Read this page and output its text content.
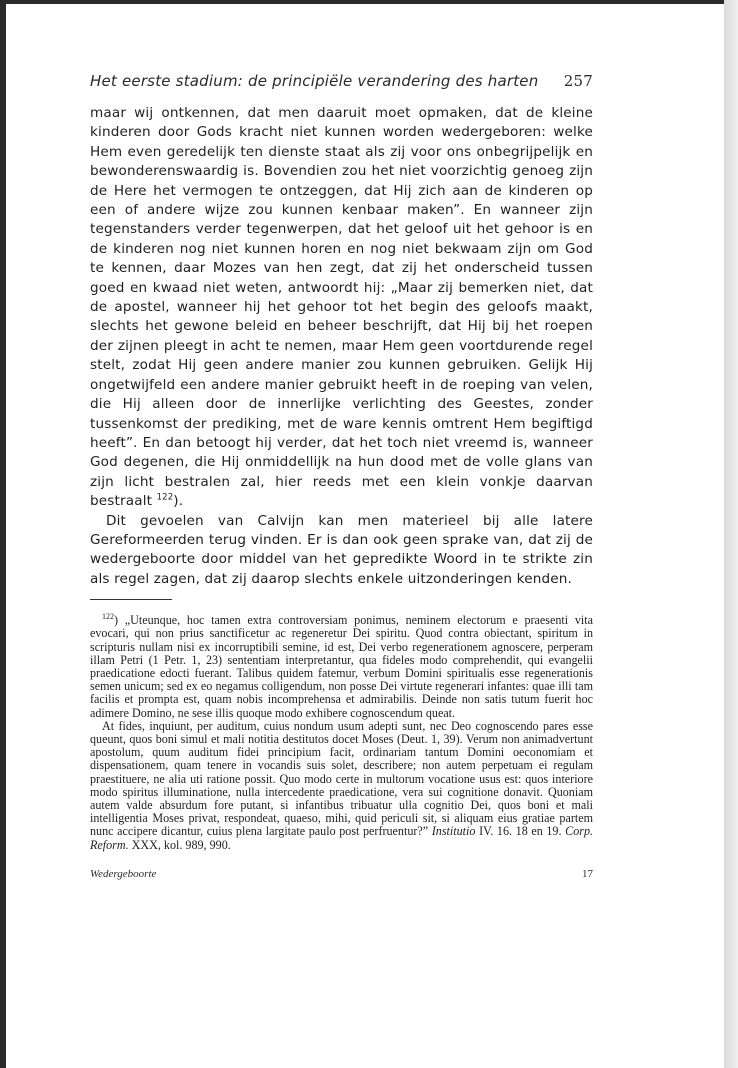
Het eerste stadium: de principiële verandering des harten 257

maar wij ontkennen, dat men daaruit moet opmaken, dat de kleine kinderen door Gods kracht niet kunnen worden wedergeboren: welke Hem even geredelijk ten dienste staat als zij voor ons onbegrijpelijk en bewonderenswaardig is. Bovendien zou het niet voorzichtig genoeg zijn de Here het vermogen te ontzeggen, dat Hij zich aan de kinderen op een of andere wijze zou kunnen kenbaar maken”. En wanneer zijn tegenstanders verder tegenwerpen, dat het geloof uit het gehoor is en de kinderen nog niet kunnen horen en nog niet bekwaam zijn om God te kennen, daar Mozes van hen zegt, dat zij het onderscheid tussen goed en kwaad niet weten, antwoordt hij: „Maar zij bemerken niet, dat de apostel, wanneer hij het gehoor tot het begin des geloofs maakt, slechts het gewone beleid en beheer beschrijft, dat Hij bij het roepen der zijnen pleegt in acht te nemen, maar Hem geen voortdurende regel stelt, zodat Hij geen andere manier zou kunnen gebruiken. Gelijk Hij ongetwijfeld een andere manier gebruikt heeft in de roeping van velen, die Hij alleen door de innerlijke verlichting des Geestes, zonder tussenkomst der prediking, met de ware kennis omtrent Hem begiftigd heeft”. En dan betoogt hij verder, dat het toch niet vreemd is, wanneer God degenen, die Hij onmiddellijk na hun dood met de volle glans van zijn licht bestralen zal, hier reeds met een klein vonkje daarvan bestraalt $^{122}$).

Dit gevoelen van Calvijn kan men materieel bij alle latere Gereformeerden terug vinden. Er is dan ook geen sprake van, dat zij de wedergeboorte door middel van het gepredikte Woord in te strikte zin als regel zagen, dat zij daarop slechts enkele uitzonderingen kenden.

$^{122}$) „Uteunque, hoc tamen extra controversiam ponimus, neminem electorum e praesenti vita evocari, qui non prius sanctificetur ac regeneretur Dei spiritu. Quod contra obiectant, spiritum in scripturis nullam nisi ex incorruptibili semine, id est, Dei verbo regenerationem agnoscere, perperam illam Petri (1 Petr. 1, 23) sententiam interpretantur, qua fideles modo comprehendit, qui evangelii praedicatione edocti fuerant. Talibus quidem fatemur, verbum Domini spiritualis esse regenerationis semen unicum; sed ex eo negamus colligendum, non posse Dei virtute regenerari infantes: quae illi tam facilis et prompta est, quam nobis incomprehensa et admirabilis. Deinde non satis tutum fuerit hoc adimere Domino, ne sese illis quoque modo exhibere cognoscendum queat.

At fides, inquiunt, per auditum, cuius nondum usum adepti sunt, nec Deo cognoscendo pares esse queunt, quos boni simul et mali notitia destitutos docet Moses (Deut. 1, 39). Verum non animadvertunt apostolum, quum auditum fidei principium facit, ordinariam tantum Domini oeconomiam et dispensationem, quam tenere in vocandis suis solet, describere; non autem perpetuam ei regulam praestituere, ne alia uti ratione possit. Quo modo certe in multorum vocatione usus est: quos interiore modo spiritus illuminatione, nulla intercedente praedicatione, vera sui cognitione donavit. Quoniam autem valde absurdum fore putant, si infantibus tribuatur ulla cognitio Dei, quos boni et mali intelligentia Moses privat, respondeat, quaeso, mihi, quid periculi sit, si aliquam eius gratiae partem nunc accipere dicantur, cuius plena largitate paulo post perfruentur?” Institutio IV. 16. 18 en 19. Corp. Reform. XXX, kol. 989, 990.

Wedergeboorte	17
